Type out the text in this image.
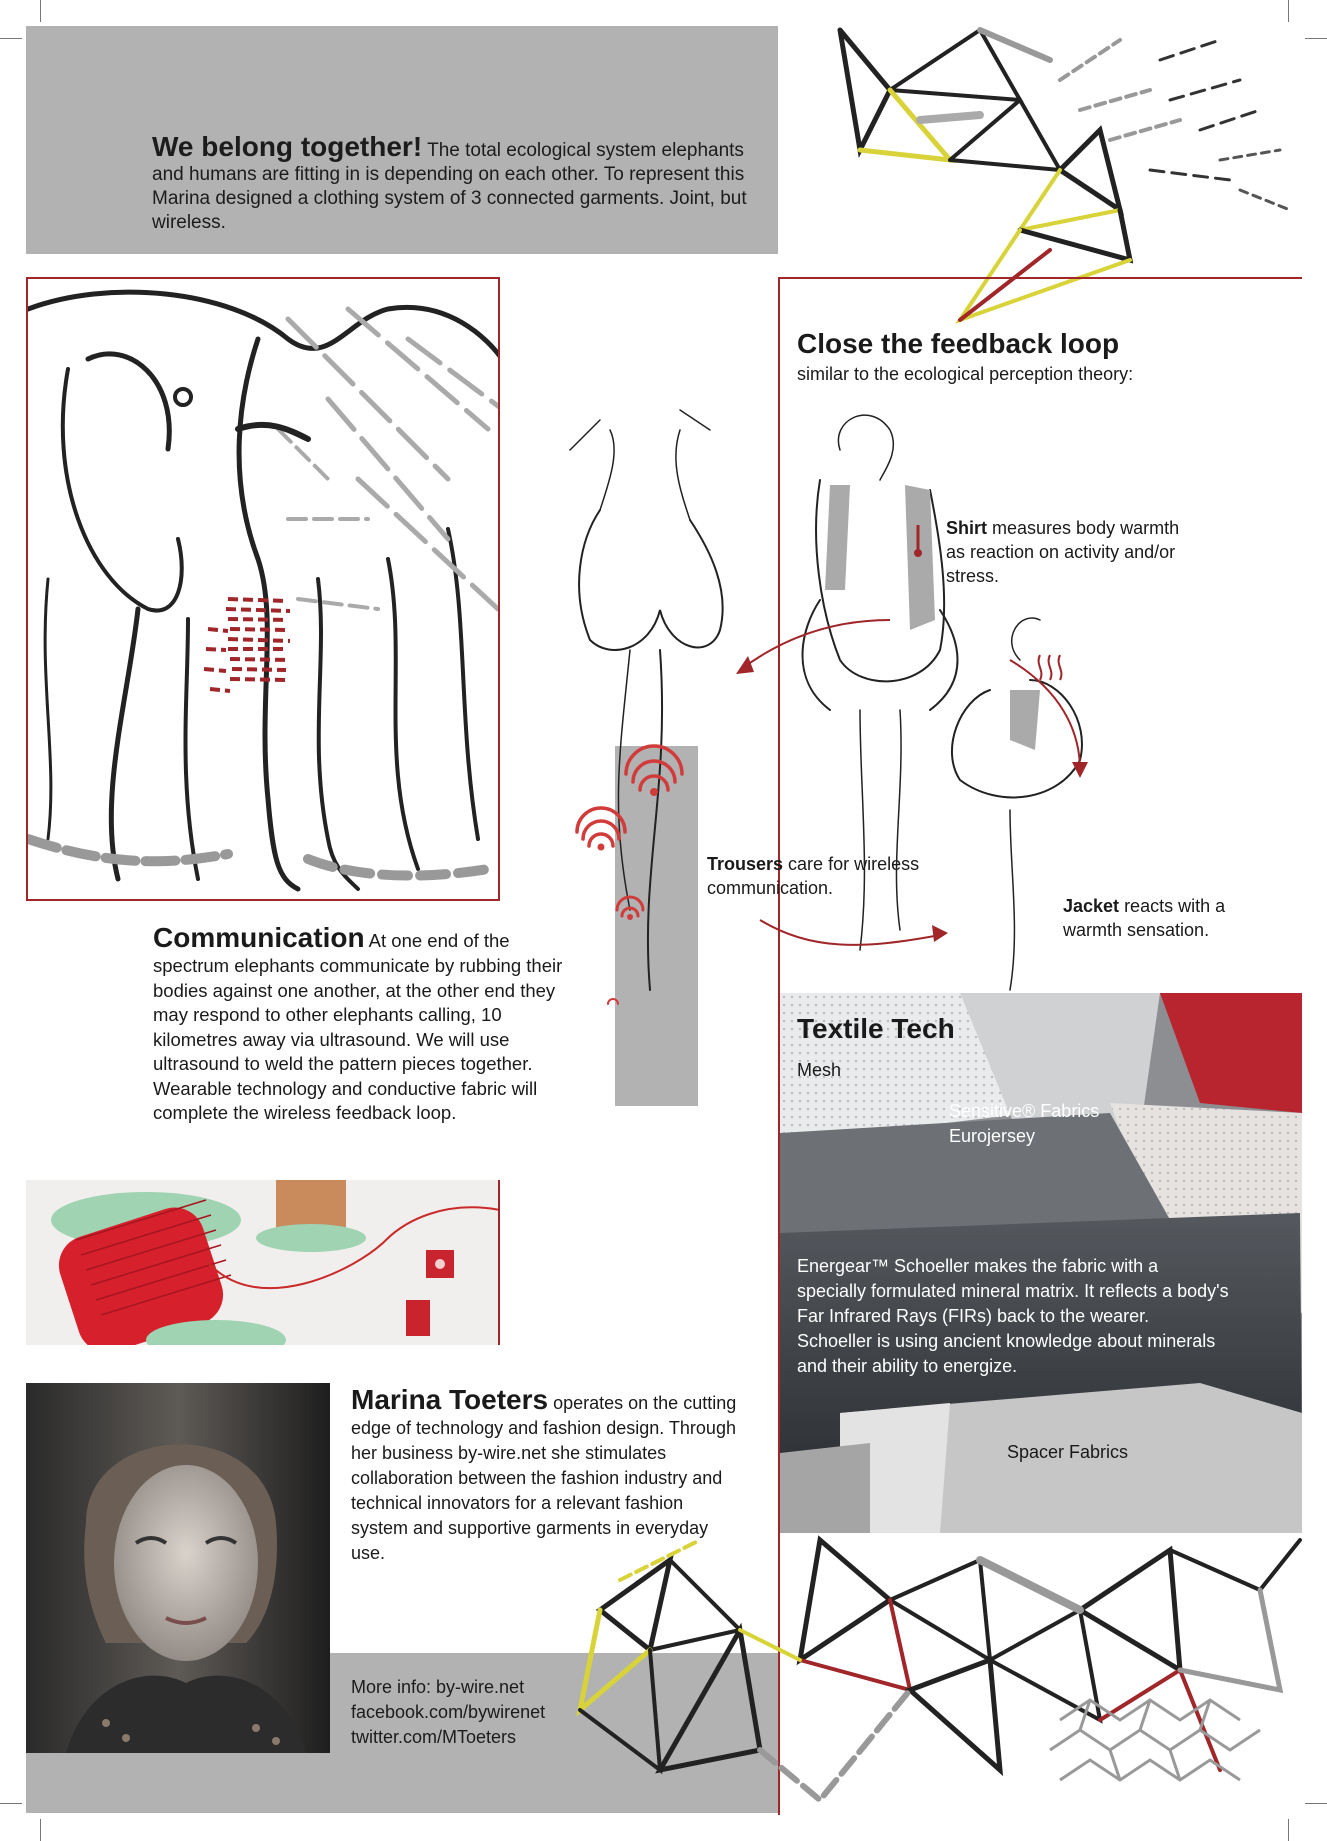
We belong together! The total ecological system elephants and humans are fitting in is depending on each other. To represent this Marina designed a clothing system of 3 connected garments. Joint, but wireless.
Close the feedback loop
similar to the ecological perception theory:
Shirt measures body warmth as reaction on activity and/or stress.
Trousers care for wireless communication.
Jacket reacts with a warmth sensation.
Communication At one end of the spectrum elephants communicate by rubbing their bodies against one another, at the other end they may respond to other elephants calling, 10 kilometres away via ultrasound. We will use ultrasound to weld the pattern pieces together. Wearable technology and conductive fabric will complete the wireless feedback loop.
Textile Tech
Mesh
Sensitive® Fabrics
Eurojersey
Energear™ Schoeller makes the fabric with a specially formulated mineral matrix. It reflects a body's Far Infrared Rays (FIRs) back to the wearer. Schoeller is using ancient knowledge about minerals and their ability to energize.
Spacer Fabrics
Marina Toeters operates on the cutting edge of technology and fashion design. Through her business by-wire.net she stimulates collaboration between the fashion industry and technical innovators for a relevant fashion system and supportive garments in everyday use.
More info: by-wire.net
facebook.com/bywirenet
twitter.com/MToeters
